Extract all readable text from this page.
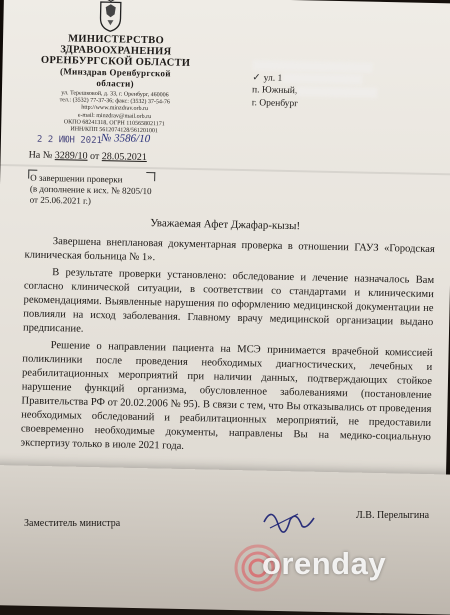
МИНИСТЕРСТВО
ЗДРАВООХРАНЕНИЯ
ОРЕНБУРГСКОЙ ОБЛАСТИ
(Минздрав Оренбургской области)
ул. Терешковой, д. 33, г. Оренбург, 460006
тел.: (3532) 77-37-36; факс: (3532) 37-54-76
http://www.minzdrav.orb.ru
e-mail: minzdrav@mail.orb.ru
ОКПО 68241318, ОГРН 1105658021171
ИНН/КПП 5612074128/561201001
✓ ул. 1
п. Южный,
г. Оренбург
2 2 ИЮН 2021
№ 3586/10
На № 3289/10 от 28.05.2021
О завершении проверки
(в дополнение к исх. № 8205/10
от 25.06.2021 г.)
Уважаемая Афет Джафар-кызы!

Завершена внеплановая документарная проверка в отношении ГАУЗ «Городская клиническая больница № 1».

В результате проверки установлено: обследование и лечение назначалось Вам согласно клинической ситуации, в соответствии со стандартами и клиническими рекомендациями. Выявленные нарушения по оформлению медицинской документации не повлияли на исход заболевания. Главному врачу медицинской организации выдано предписание.

Решение о направлении пациента на МСЭ принимается врачебной комиссией поликлиники после проведения необходимых диагностических, лечебных и реабилитационных мероприятий при наличии данных, подтверждающих стойкое нарушение функций организма, обусловленное заболеваниями (постановление Правительства РФ от 20.02.2006 № 95). В связи с тем, что Вы отказывались от проведения необходимых обследований и реабилитационных мероприятий, не предоставили своевременно необходимые документы, направлены Вы на медико-социальную экспертизу только в июле 2021 года.

Заместитель министра
Л.В. Перелыгина
orenday
